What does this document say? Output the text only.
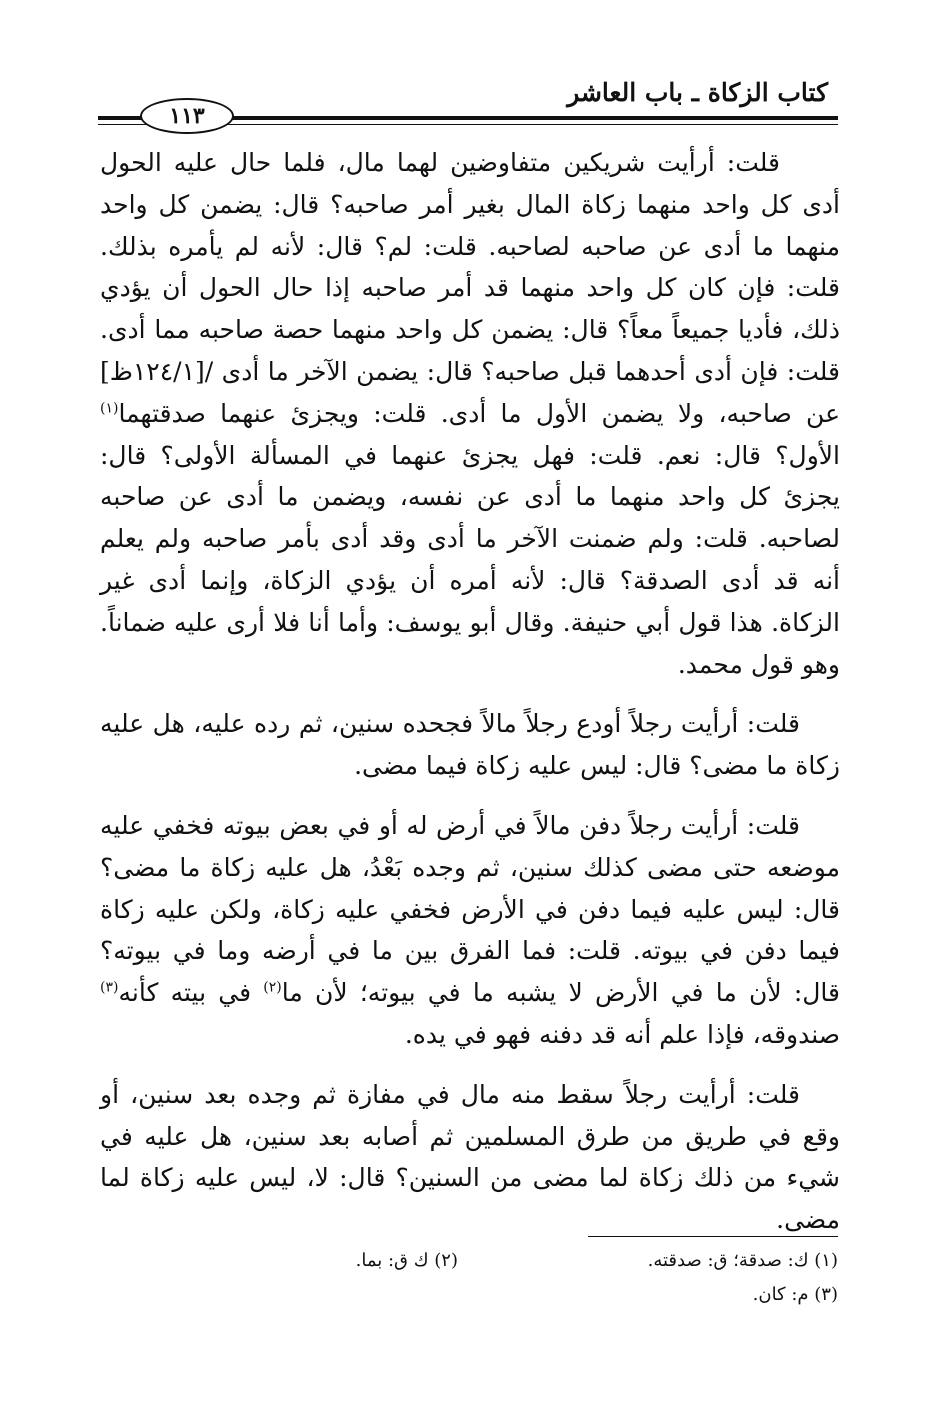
كتاب الزكاة ـ باب العاشر
١١٣

قلت: أرأيت شريكين متفاوضين لهما مال، فلما حال عليه الحول أدى كل واحد منهما زكاة المال بغير أمر صاحبه؟ قال: يضمن كل واحد منهما ما أدى عن صاحبه لصاحبه. قلت: لم؟ قال: لأنه لم يأمره بذلك. قلت: فإن كان كل واحد منهما قد أمر صاحبه إذا حال الحول أن يؤدي ذلك، فأديا جميعاً معاً؟ قال: يضمن كل واحد منهما حصة صاحبه مما أدى. قلت: فإن أدى أحدهما قبل صاحبه؟ قال: يضمن الآخر ما أدى /[١٢٤/١ظ] عن صاحبه، ولا يضمن الأول ما أدى. قلت: ويجزئ عنهما صدقتهما$^{(١)}$ الأول؟ قال: نعم. قلت: فهل يجزئ عنهما في المسألة الأولى؟ قال: يجزئ كل واحد منهما ما أدى عن نفسه، ويضمن ما أدى عن صاحبه لصاحبه. قلت: ولم ضمنت الآخر ما أدى وقد أدى بأمر صاحبه ولم يعلم أنه قد أدى الصدقة؟ قال: لأنه أمره أن يؤدي الزكاة، وإنما أدى غير الزكاة. هذا قول أبي حنيفة. وقال أبو يوسف: وأما أنا فلا أرى عليه ضماناً. وهو قول محمد.

قلت: أرأيت رجلاً أودع رجلاً مالاً فجحده سنين، ثم رده عليه، هل عليه زكاة ما مضى؟ قال: ليس عليه زكاة فيما مضى.

قلت: أرأيت رجلاً دفن مالاً في أرض له أو في بعض بيوته فخفي عليه موضعه حتى مضى كذلك سنين، ثم وجده بَعْدُ، هل عليه زكاة ما مضى؟ قال: ليس عليه فيما دفن في الأرض فخفي عليه زكاة، ولكن عليه زكاة فيما دفن في بيوته. قلت: فما الفرق بين ما في أرضه وما في بيوته؟ قال: لأن ما في الأرض لا يشبه ما في بيوته؛ لأن ما$^{(٢)}$ في بيته كأنه$^{(٣)}$ صندوقه، فإذا علم أنه قد دفنه فهو في يده.

قلت: أرأيت رجلاً سقط منه مال في مفازة ثم وجده بعد سنين، أو وقع في طريق من طرق المسلمين ثم أصابه بعد سنين، هل عليه في شيء من ذلك زكاة لما مضى من السنين؟ قال: لا، ليس عليه زكاة لما مضى.

(١) ك: صدقة؛ ق: صدقته.
(٢) ك ق: بما.
(٣) م: كان.
